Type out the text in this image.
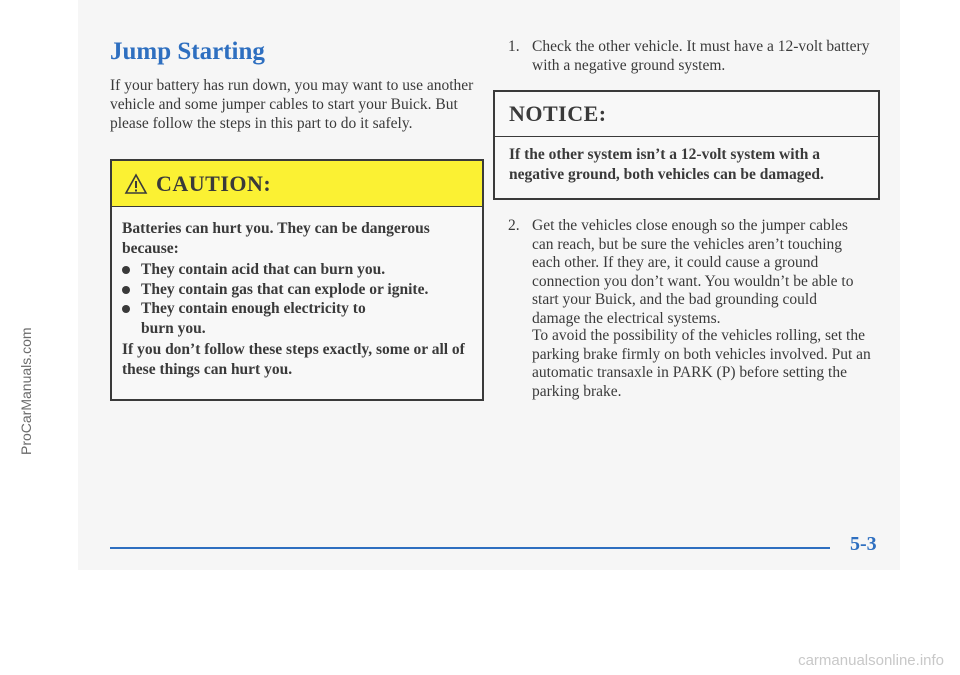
Jump Starting

If your battery has run down, you may want to use another vehicle and some jumper cables to start your Buick. But please follow the steps in this part to do it safely.

CAUTION:

Batteries can hurt you. They can be dangerous because:

They contain acid that can burn you.
They contain gas that can explode or ignite.
They contain enough electricity to burn you.

If you don’t follow these steps exactly, some or all of these things can hurt you.

1. Check the other vehicle. It must have a 12-volt battery with a negative ground system.
NOTICE:
If the other system isn’t a 12-volt system with a negative ground, both vehicles can be damaged.
2. Get the vehicles close enough so the jumper cables can reach, but be sure the vehicles aren’t touching each other. If they are, it could cause a ground connection you don’t want. You wouldn’t be able to start your Buick, and the bad grounding could damage the electrical systems.

To avoid the possibility of the vehicles rolling, set the parking brake firmly on both vehicles involved. Put an automatic transaxle in PARK (P) before setting the parking brake.

5-3
ProCarManuals.com
carmanualsonline.info
